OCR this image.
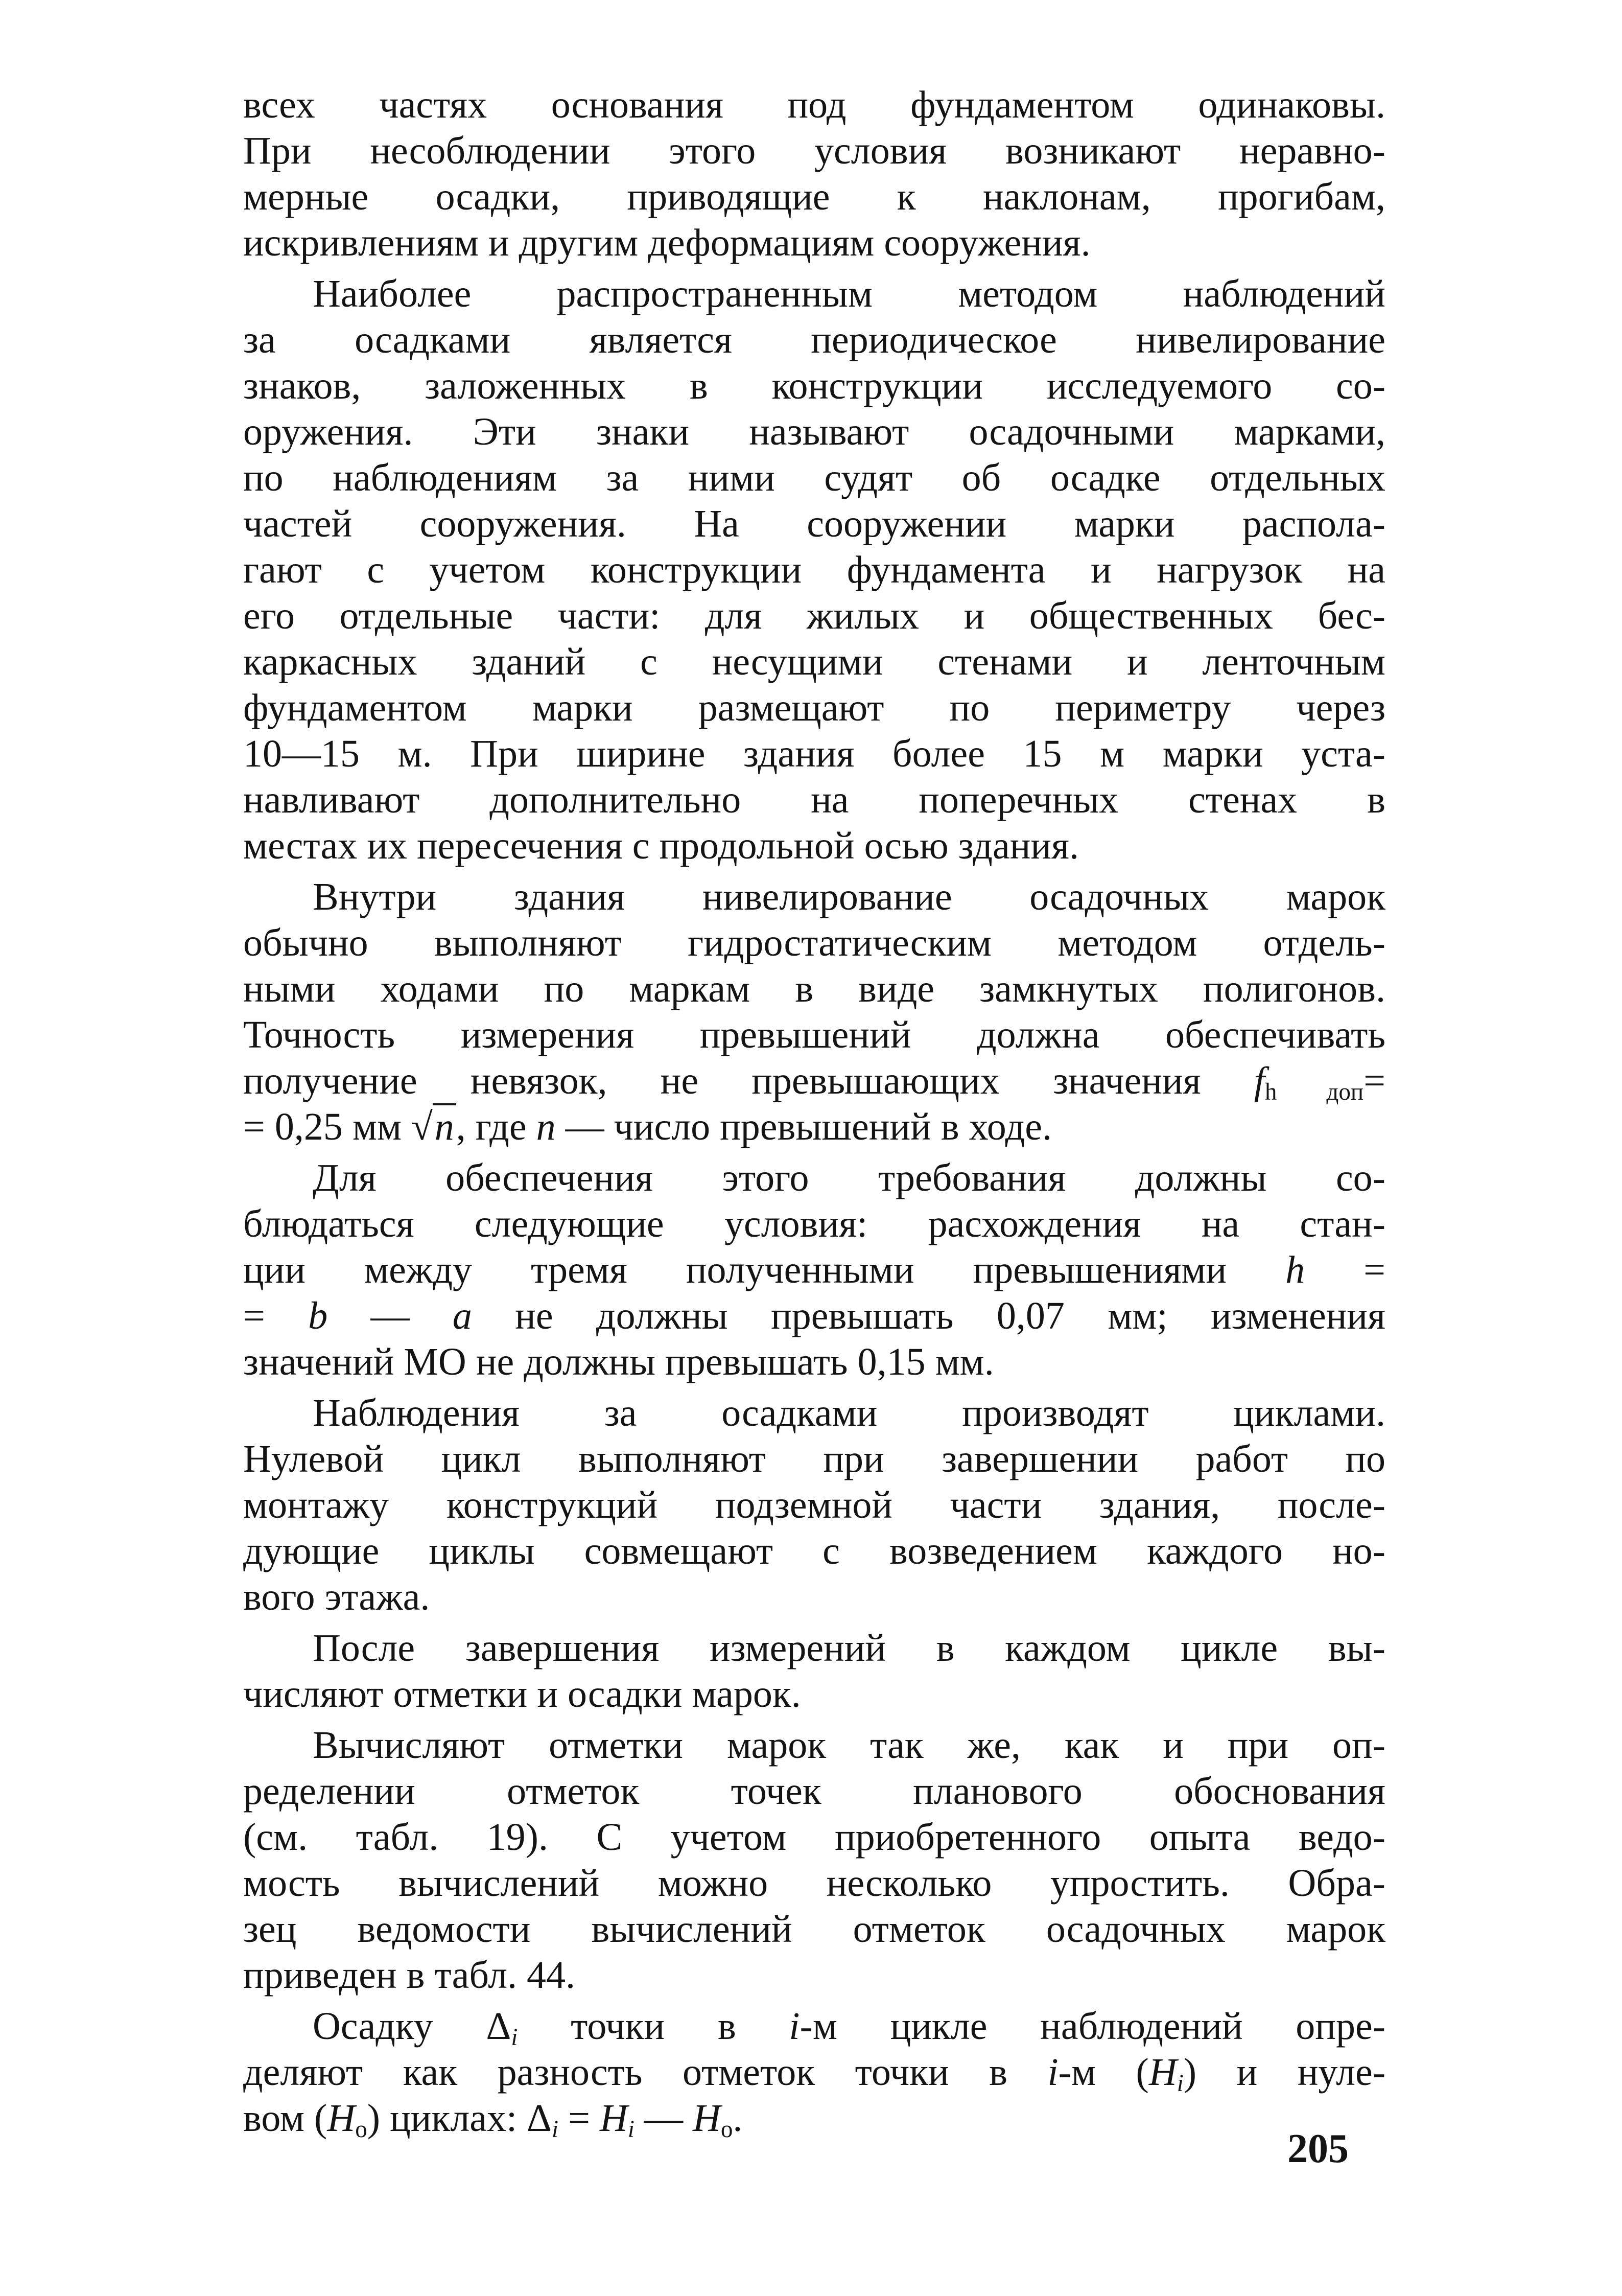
всех частях основания под фундаментом одинаковы.
При несоблюдении этого условия возникают неравно-
мерные осадки, приводящие к наклонам, прогибам,
искривлениям и другим деформациям сооружения.
Наиболее распространенным методом наблюдений
за осадками является периодическое нивелирование
знаков, заложенных в конструкции исследуемого со-
оружения. Эти знаки называют осадочными марками,
по наблюдениям за ними судят об осадке отдельных
частей сооружения. На сооружении марки распола-
гают с учетом конструкции фундамента и нагрузок на
его отдельные части: для жилых и общественных бес-
каркасных зданий с несущими стенами и ленточным
фундаментом марки размещают по периметру через
10—15 м. При ширине здания более 15 м марки уста-
навливают дополнительно на поперечных стенах в
местах их пересечения с продольной осью здания.
Внутри здания нивелирование осадочных марок
обычно выполняют гидростатическим методом отдель-
ными ходами по маркам в виде замкнутых полигонов.
Точность измерения превышений должна обеспечивать
получение невязок, не превышающих значения $f_{h доп}=$
= 0,25 мм √n, где n — число превышений в ходе.
Для обеспечения этого требования должны со-
блюдаться следующие условия: расхождения на стан-
ции между тремя полученными превышениями h =
= b — a не должны превышать 0,07 мм; изменения
значений МО не должны превышать 0,15 мм.
Наблюдения за осадками производят циклами.
Нулевой цикл выполняют при завершении работ по
монтажу конструкций подземной части здания, после-
дующие циклы совмещают с возведением каждого но-
вого этажа.
После завершения измерений в каждом цикле вы-
числяют отметки и осадки марок.
Вычисляют отметки марок так же, как и при оп-
ределении отметок точек планового обоснования
(см. табл. 19). С учетом приобретенного опыта ведо-
мость вычислений можно несколько упростить. Обра-
зец ведомости вычислений отметок осадочных марок
приведен в табл. 44.
Осадку $\Delta_i$ точки в i-м цикле наблюдений опре-
деляют как разность отметок точки в i-м $(H_i)$ и нуле-
вом $(H_o)$ циклах: $\Delta_i = H_i$ — $H_o$.
205
